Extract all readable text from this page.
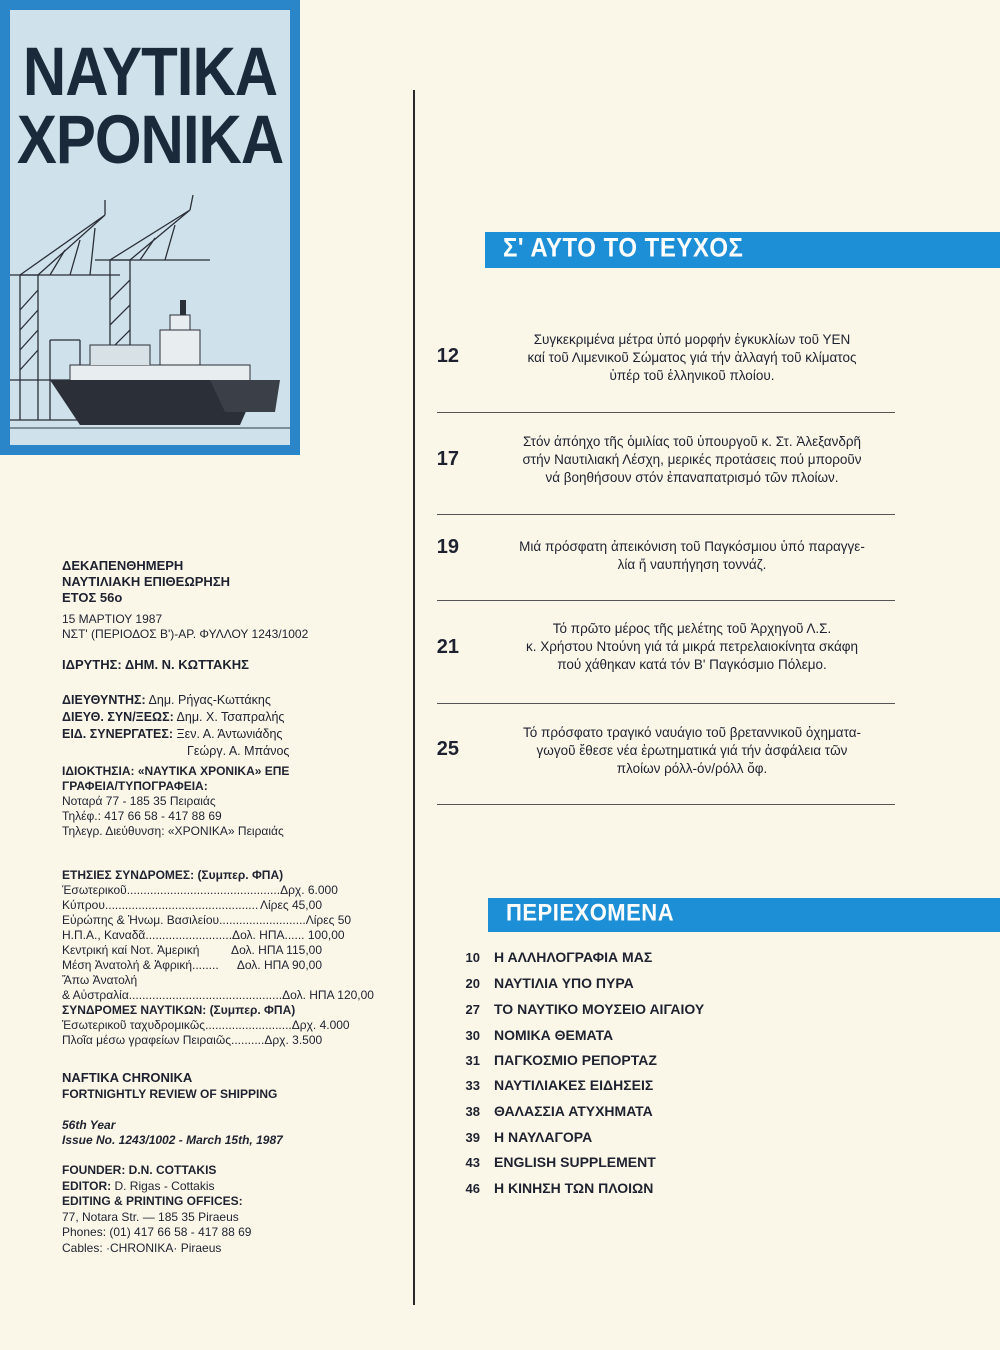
ΝΑΥΤΙΚΑ
ΧΡΟΝΙΚΑ
ΔΕΚΑΠΕΝΘΗΜΕΡΗ
ΝΑΥΤΙΛΙΑΚΗ ΕΠΙΘΕΩΡΗΣΗ
ΕΤΟΣ 56ο
15 ΜΑΡΤΙΟΥ 1987
ΝΣΤ' (ΠΕΡΙΟΔΟΣ Β')-ΑΡ. ΦΥΛΛΟΥ 1243/1002
ΙΔΡΥΤΗΣ: ΔΗΜ. Ν. ΚΩΤΤΑΚΗΣ
ΔΙΕΥΘΥΝΤΗΣ: Δημ. Ρήγας-Κωττάκης
ΔΙΕΥΘ. ΣΥΝ/ΞΕΩΣ: Δημ. Χ. Τσαπραλής
ΕΙΔ. ΣΥΝΕΡΓΑΤΕΣ: Ξεν. Α. Άντωνιάδης
Γεώργ. Α. Μπάνος
ΙΔΙΟΚΤΗΣΙΑ: «ΝΑΥΤΙΚΑ ΧΡΟΝΙΚΑ» ΕΠΕ
ΓΡΑΦΕΙΑ/ΤΥΠΟΓΡΑΦΕΙΑ:
Νοταρά 77 - 185 35 Πειραιάς
Τηλέφ.: 417 66 58 - 417 88 69
Τηλεγρ. Διεύθυνση: «ΧΡΟΝΙΚΑ» Πειραιάς
ΕΤΗΣΙΕΣ ΣΥΝΔΡΟΜΕΣ: (Συμπερ. ΦΠΑ)
Έσωτερικοῦ .............................................. Δρχ. 6.000
Κύπρου .............................................. Λίρες 45,00
Εὐρώπης & Ἡνωμ. Βασιλείου .......................... Λίρες 50
Η.Π.Α., Καναδᾶ .......................... Δολ. ΗΠΑ...... 100,00
Κεντρική καί Νοτ. Ἀμερική	Δολ. ΗΠΑ 115,00
Μέση Ἀνατολή & Ἀφρική ........	Δολ. ΗΠΑ 90,00
Ἄπω Ἀνατολή
& Αὐστραλία .............................................. Δολ. ΗΠΑ 120,00
ΣΥΝΔΡΟΜΕΣ ΝΑΥΤΙΚΩΝ: (Συμπερ. ΦΠΑ)
Ἐσωτερικοῦ ταχυδρομικῶς .......................... Δρχ. 4.000
Πλοῖα μέσω γραφείων Πειραιῶς .......... Δρχ. 3.500
NAFTIKA CHRONIKA
FORTNIGHTLY REVIEW OF SHIPPING
56th Year
Issue No. 1243/1002 - March 15th, 1987
FOUNDER: D.N. COTTAKIS
EDITOR: D. Rigas - Cottakis
EDITING & PRINTING OFFICES:
77, Notara Str. — 185 35 Piraeus
Phones: (01) 417 66 58 - 417 88 69
Cables: ·CHRONIKA· Piraeus
Σ' ΑΥΤΟ ΤΟ ΤΕΥΧΟΣ
12
Συγκεκριμένα μέτρα ὑπό μορφήν ἐγκυκλίων τοῦ ΥΕΝ
καί τοῦ Λιμενικοῦ Σώματος γιά τήν ἀλλαγή τοῦ κλίματος
ὑπέρ τοῦ ἑλληνικοῦ πλοίου.
17
Στόν ἀπόηχο τῆς ὁμιλίας τοῦ ὑπουργοῦ κ. Στ. Ἀλεξανδρῆ
στήν Ναυτιλιακή Λέσχη, μερικές προτάσεις πού μποροῦν
νά βοηθήσουν στόν ἐπαναπατρισμό τῶν πλοίων.
19	Μιά πρόσφατη ἀπεικόνιση τοῦ Παγκόσμιου ὑπό παραγγε-
λία ἤ ναυπήγηση τοννάζ.
21
Τό πρῶτο μέρος τῆς μελέτης τοῦ Ἀρχηγοῦ Λ.Σ.
κ. Χρήστου Ντούνη γιά τά μικρά πετρελαιοκίνητα σκάφη
πού χάθηκαν κατά τόν Β' Παγκόσμιο Πόλεμο.
25
Τό πρόσφατο τραγικό ναυάγιο τοῦ βρεταννικοῦ ὀχηματα-
γωγοῦ ἔθεσε νέα ἐρωτηματικά γιά τήν ἀσφάλεια τῶν
πλοίων ρόλλ-όν/ρόλλ ὄφ.
ΠΕΡΙΕΧΟΜΕΝΑ
10 Η ΑΛΛΗΛΟΓΡΑΦΙΑ ΜΑΣ
20 ΝΑΥΤΙΛΙΑ ΥΠΟ ΠΥΡΑ
27 ΤΟ ΝΑΥΤΙΚΟ ΜΟΥΣΕΙΟ ΑΙΓΑΙΟΥ
30 ΝΟΜΙΚΑ ΘΕΜΑΤΑ
31 ΠΑΓΚΟΣΜΙΟ ΡΕΠΟΡΤΑΖ
33 ΝΑΥΤΙΛΙΑΚΕΣ ΕΙΔΗΣΕΙΣ
38 ΘΑΛΑΣΣΙΑ ΑΤΥΧΗΜΑΤΑ
39 Η ΝΑΥΛΑΓΟΡΑ
43 ENGLISH SUPPLEMENT
46 Η ΚΙΝΗΣΗ ΤΩΝ ΠΛΟΙΩΝ
